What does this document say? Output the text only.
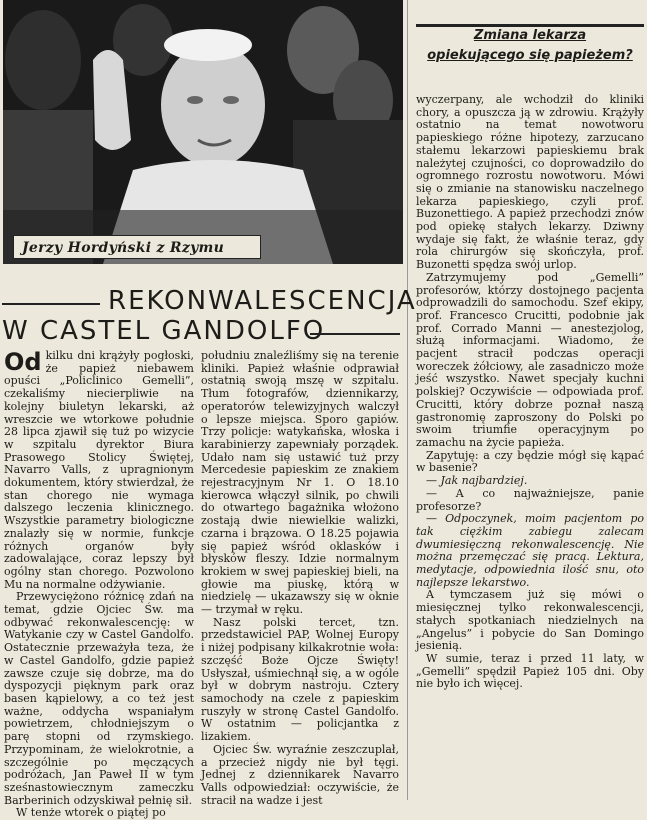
Jerzy Hordyński z Rzymu
REKONWALESCENCJA
W CASTEL GANDOLFO

Od kilku dni krążyły pogłoski, że papież niebawem opuści „Policlinico Gemelli”, czekaliśmy niecierpliwie na kolejny biuletyn lekarski, aż wreszcie we wtorkowe południe 28 lipca zjawił się tuż po wizycie w szpitalu dyrektor Biura Prasowego Stolicy Świętej, Navarro Valls, z upragnionym dokumentem, który stwierdzał, że stan chorego nie wymaga dalszego leczenia klinicznego. Wszystkie parametry biologiczne znalazły się w normie, funkcje różnych organów były zadowalające, coraz lepszy był ogólny stan chorego. Pozwolono Mu na normalne odżywianie.

Przewyciężono różnicę zdań na temat, gdzie Ojciec Św. ma odbywać rekonwalescencję: w Watykanie czy w Castel Gandolfo. Ostatecznie przeważyła teza, że w Castel Gandolfo, gdzie papież zawsze czuje się dobrze, ma do dyspozycji pięknym park oraz basen kąpielowy, a co też jest ważne, oddycha wspaniałym powietrzem, chłodniejszym o parę stopni od rzymskiego. Przypominam, że wielokrotnie, a szczególnie po męczących podróżach, Jan Paweł II w tym sześnastowiecznym zameczku Barberinich odzyskiwał pełnię sił.

W tenże wtorek o piątej po

południu znaleźliśmy się na terenie kliniki. Papież właśnie odprawiał ostatnią swoją mszę w szpitalu. Tłum fotografów, dziennikarzy, operatorów telewizyjnych walczył o lepsze miejsca. Sporo gapiów. Trzy policje: watykańska, włoska i karabinierzy zapewniały porządek. Udało nam się ustawić tuż przy Mercedesie papieskim ze znakiem rejestracyjnym Nr 1. O 18.10 kierowca włączył silnik, po chwili do otwartego bagażnika włożono zostają dwie niewielkie walizki, czarna i brązowa. O 18.25 pojawia się papież wśród oklasków i błysków fleszy. Idzie normalnym krokiem w swej papieskiej bieli, na głowie ma piuskę, którą w niedzielę — ukazawszy się w oknie — trzymał w ręku.

Nasz polski tercet, tzn. przedstawiciel PAP, Wolnej Europy i niżej podpisany kilkakrotnie woła: szczęść Boże Ojcze Święty! Usłyszał, uśmiechnął się, a w ogóle był w dobrym nastroju. Cztery samochody na czele z papieskim ruszyły w stronę Castel Gandolfo. W ostatnim — policjantka z lizakiem.

Ojciec Św. wyraźnie zeszczuplał, a przecież nigdy nie był tęgi. Jednej z dziennikarek Navarro Valls odpowiedział: oczywiście, że stracił na wadze i jest

Zmiana lekarza
opiekującego się papieżem?

wyczerpany, ale wchodził do kliniki chory, a opuszcza ją w zdrowiu. Krążyły ostatnio na temat nowotworu papieskiego różne hipotezy, zarzucano stałemu lekarzowi papieskiemu brak należytej czujności, co doprowadziło do ogromnego rozrostu nowotworu. Mówi się o zmianie na stanowisku naczelnego lekarza papieskiego, czyli prof. Buzonettiego. A papież przechodzi znów pod opiekę stałych lekarzy. Dziwny wydaje się fakt, że właśnie teraz, gdy rola chirurgów się skończyła, prof. Buzonetti spędza swój urlop.

Zatrzymujemy pod „Gemelli” profesorów, którzy dostojnego pacjenta odprowadzili do samochodu. Szef ekipy, prof. Francesco Crucitti, podobnie jak prof. Corrado Manni — anestezjolog, służą informacjami. Wiadomo, że pacjent stracił podczas operacji woreczek żółciowy, ale zasadniczo może jeść wszystko. Nawet specjały kuchni polskiej? Oczywiście — odpowiada prof. Crucitti, który dobrze poznał naszą gastronomię zaproszony do Polski po swoim triumfie operacyjnym po zamachu na życie papieża.

Zapytuję: a czy będzie mógł się kąpać w basenie?

— Jak najbardziej.

— A co najważniejsze, panie profesorze?

— Odpoczynek, moim pacjentom po tak ciężkim zabiegu zalecam dwumiesięczną rekonwalescencję. Nie można przemęczać się pracą. Lektura, medytacje, odpowiednia ilość snu, oto najlepsze lekarstwo.

A tymczasem już się mówi o miesięcznej tylko rekonwalescencji, stałych spotkaniach niedzielnych na „Angelus” i pobycie do San Domingo jesienią.

W sumie, teraz i przed 11 laty, w „Gemelli” spędził Papież 105 dni. Oby nie było ich więcej.
